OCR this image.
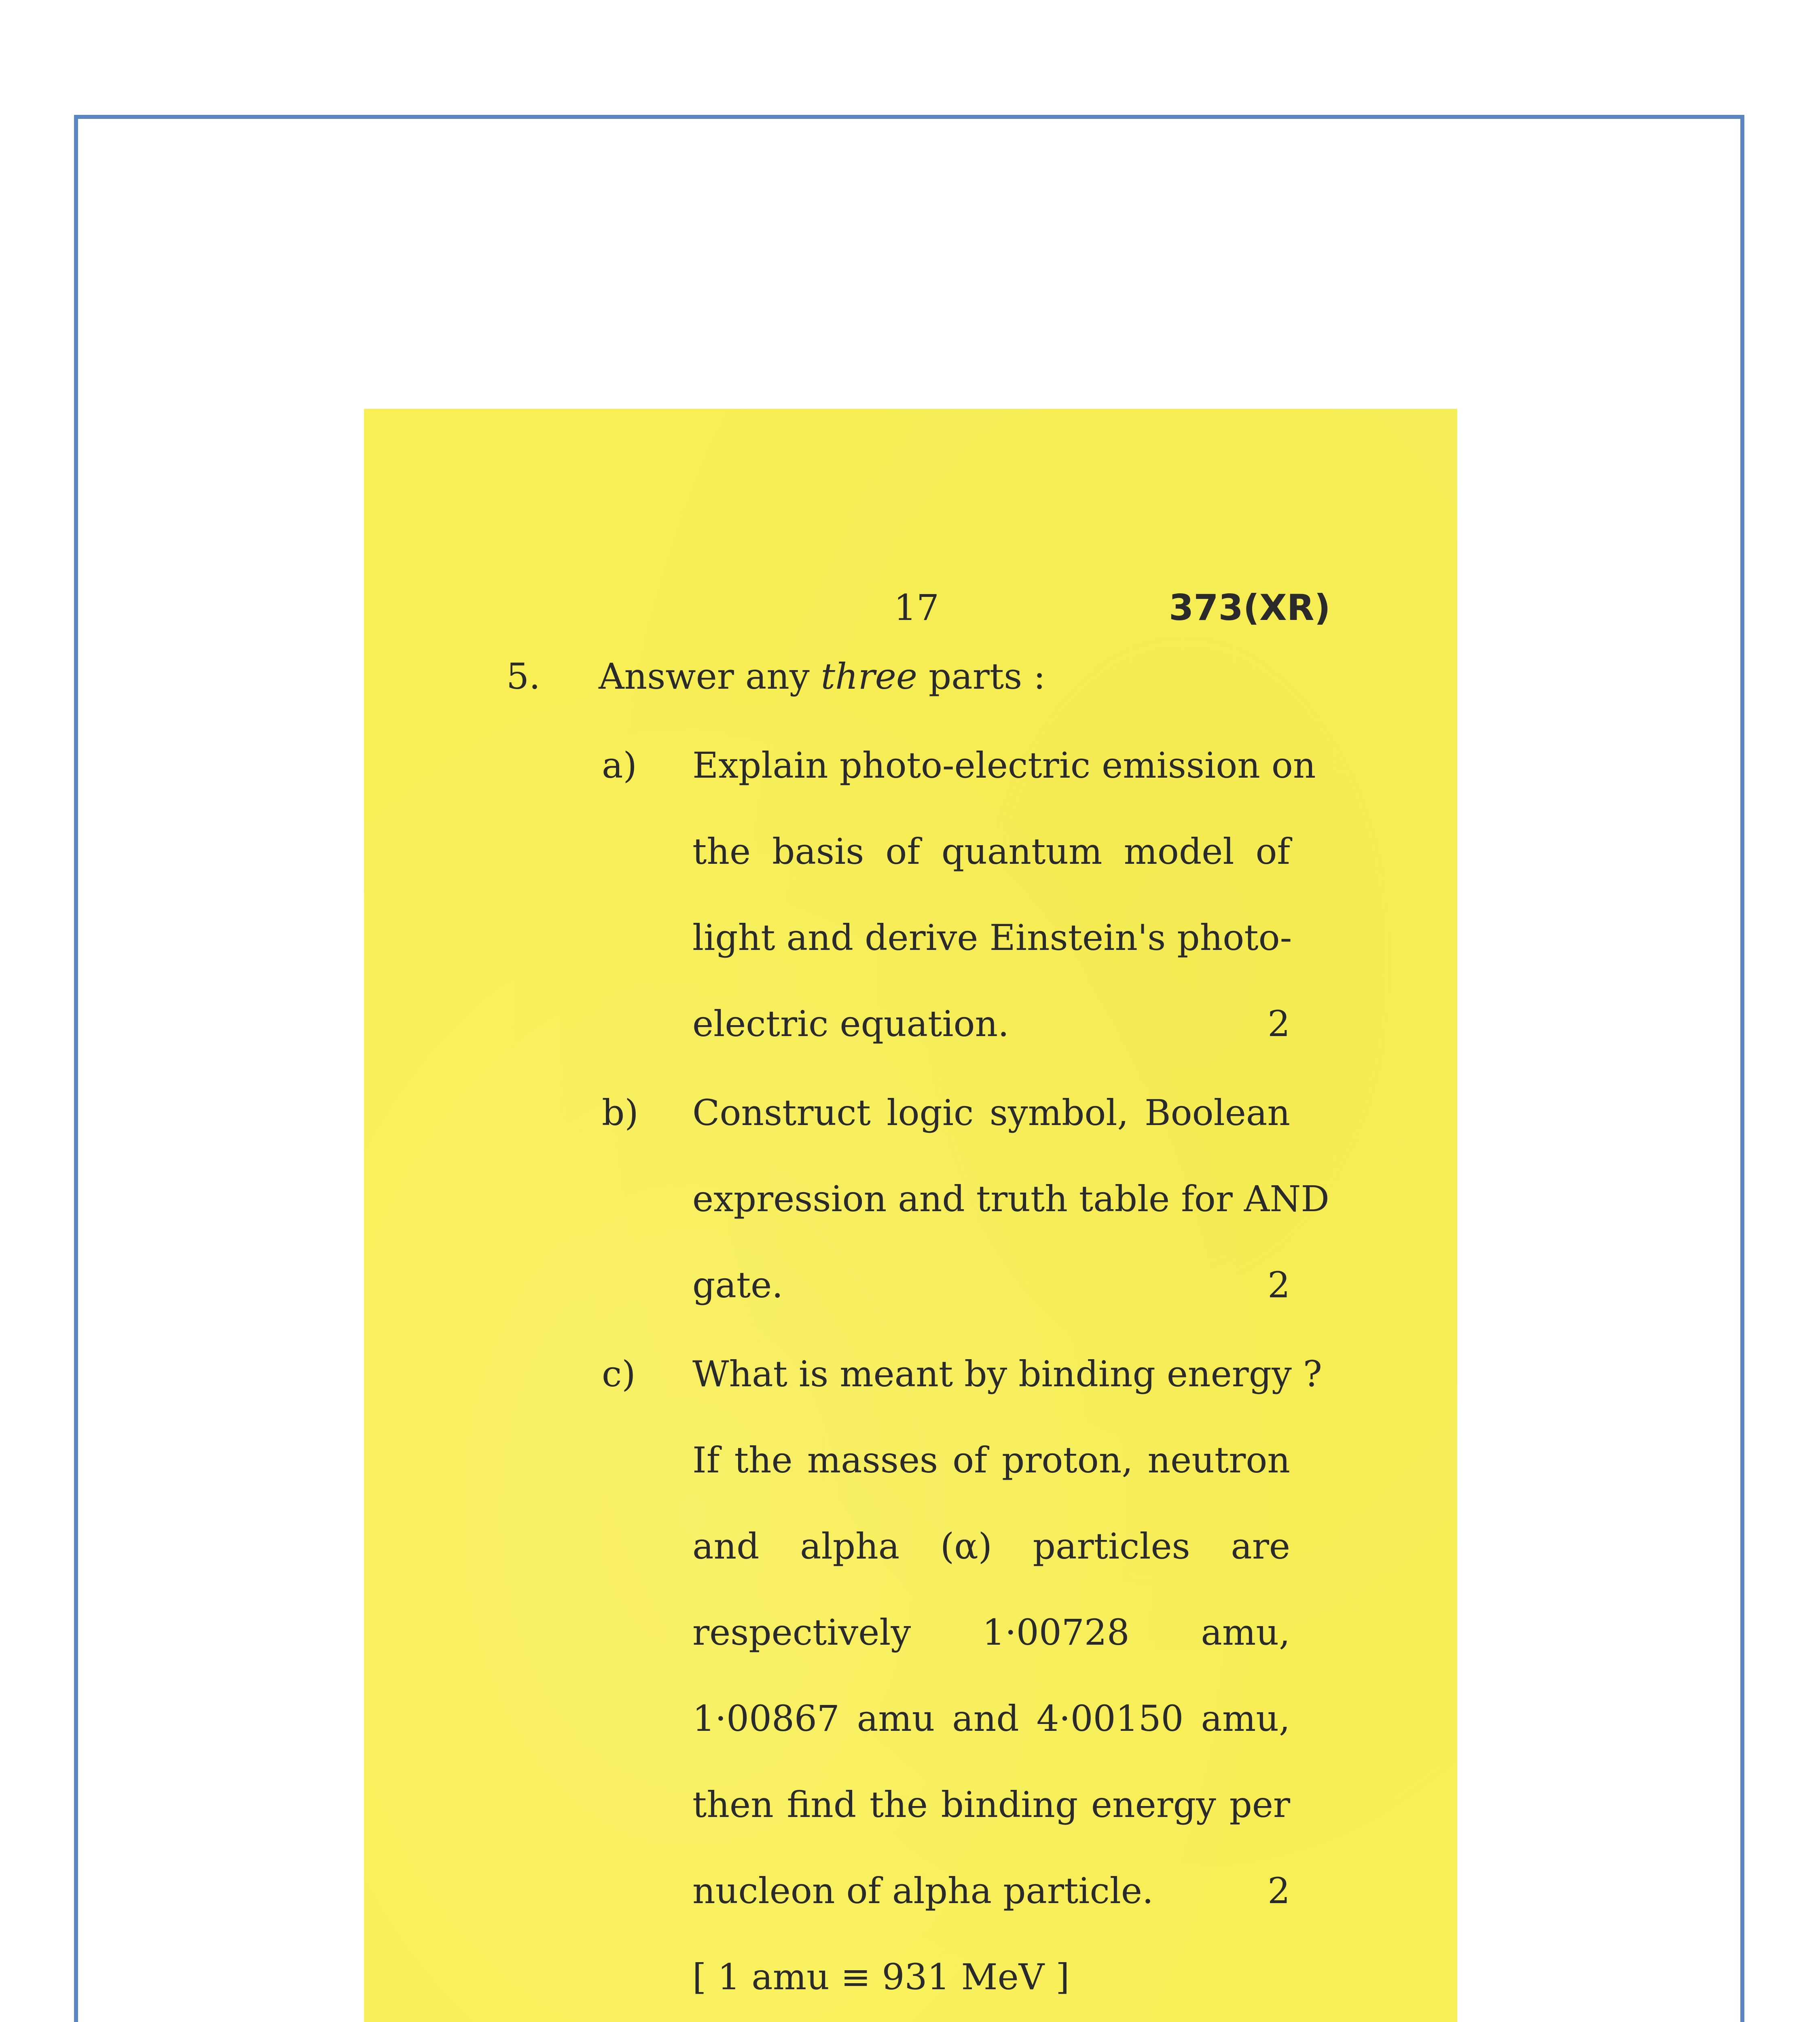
17	373(XR)
5. Answer any three parts :
a) Explain photo-electric emission on
the basis of quantum model of
light and derive Einstein's photo-
electric equation.	2
b) Construct logic symbol, Boolean
expression and truth table for AND
gate.	2
c) What is meant by binding energy ?
If the masses of proton, neutron
and alpha (α) particles are
respectively 1·00728 amu,
1·00867 amu and 4·00150 amu,
then find the binding energy per
nucleon of alpha particle.	2
[ 1 amu ≡ 931 MeV ]
